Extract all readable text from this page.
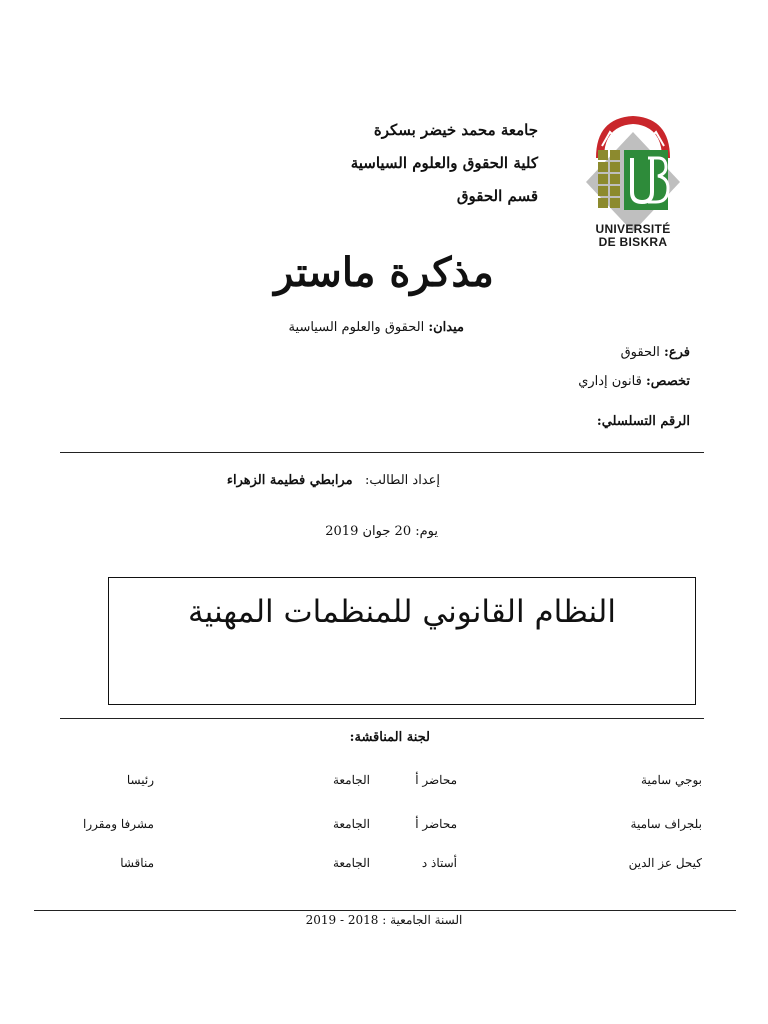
جامعة محمد خيضر بسكرة
كلية الحقوق والعلوم السياسية
قسم الحقوق
UNIVERSITÉ
DE BISKRA
مذكرة ماستر
ميدان: الحقوق والعلوم السياسية
فرع: الحقوق
تخصص: قانون إداري
الرقم التسلسلي:
إعداد الطالب:   مرابطي فطيمة الزهراء
يوم: 20 جوان 2019
النظام القانوني للمنظمات المهنية
لجنة المناقشة:
بوجي سامية
محاضر أ
الجامعة
رئيسا
بلجراف سامية
محاضر أ
الجامعة
مشرفا ومقررا
كيحل عز الدين
أستاذ د
الجامعة
مناقشا
السنة الجامعية : 2018 - 2019
